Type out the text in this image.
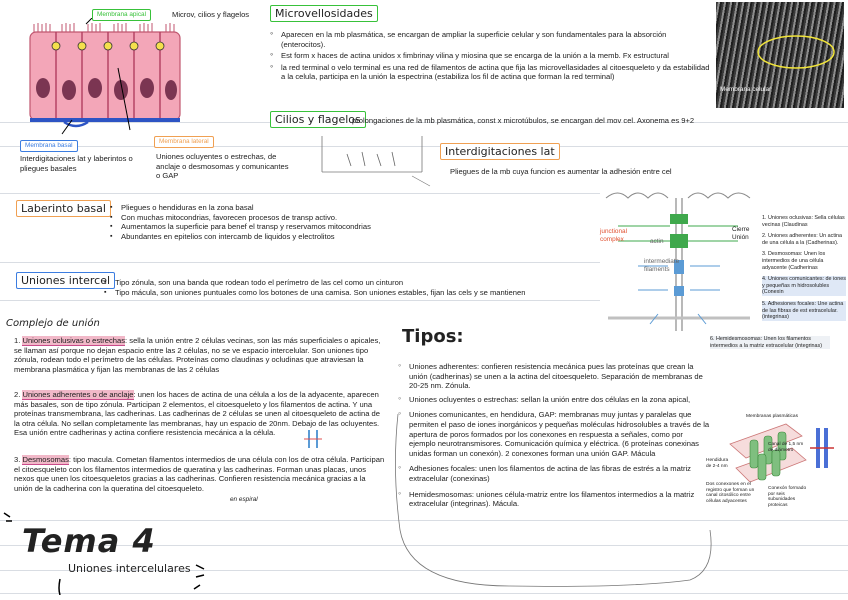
Membrana apical	Microv, cilios y flagelos
Membrana basal
Interdigitaciones lat y laberintos o pliegues basales
Membrana lateral
Uniones ocluyentes o estrechas, de anclaje o desmosomas y comunicantes o GAP
Microvellosidades
◦ Aparecen en la mb plasmática, se encargan de ampliar la superficie celular y son fundamentales para la absorción (enterocitos).
◦ Est form x haces de actina unidos x fimbrinay vilina y miosina que se encarga de la unión a la memb. Fx estructural
◦ la red terminal o velo terminal es una red de filamentos de actina que fija las microvellasidades al citoesqueleto y da estabilidad a la celula, participa en la unión la espectrina (estabiliza los fil de actina que forman la red terminal)
Membrana celular
Cilios y flagelos
prolongaciones de la mb plasmática, const x microtúbulos, se encargan del mov cel. Axonema es 9+2
Interdigitaciones lat
Pliegues de la mb cuya funcion es aumentar la adhesión entre cel
Laberinto basal	▪ Pliegues o hendiduras en la zona basal
▪ Con muchas mitocondrias, favorecen procesos de transp activo.
▪ Aumentamos la superficie para benef el transp y reservamos mitocondrias
▪ Abundantes en epitelios con intercamb de liquidos y electrolitos
Uniones intercel ▪ Tipo zónula, son una banda que rodean todo el perímetro de las cel como un cinturon
▪ Tipo mácula, son uniones puntuales como los botones de una camisa. Son uniones estables, fijan las cels y se mantienen
actin
intermediate filaments
junctional complex
Cierre Unión
1. Uniones oclusivas: Sella células vecinas (Claudinas
2. Uniones adherentes: Un actina de una célula a la (Cadherinas).
3. Desmosomas: Unen los intermedios de una célula adyacente (Cadherinas
4. Uniones comunicantes: de iones y pequeñas m hidrosolubles (Conexin
5. Adhesiones focales: Une actina de las fibras de est extracelular. (integrinas)
6. Hemidesmosomas: Unen los filamentos intermedios a la matriz extracelular (integrinas)
Complejo de unión
1. Uniones oclusivas o estrechas: sella la unión entre 2 células vecinas, son las más superficiales o apicales, se llaman así porque no dejan espacio entre las 2 células, no se ve espacio intercelular. Son uniones tipo zónula, rodean todo el perímetro de las células. Proteínas como claudinas y ocludinas que atraviesan la membrana plasmática y fijan las membranas de las 2 células
2. Uniones adherentes o de anclaje: unen los haces de actina de una célula a los de la adyacente, aparecen más basales, son de tipo zónula. Participan 2 elementos, el citoesqueleto y los filamentos de actina. Y una proteínas transmembrana, las cadherinas. Las cadherinas de 2 células se unen al citoesqueleto de actina de la otra célula. No sellan completamente las membranas, hay un espacio de 20nm. Debajo de las ocluyentes. Esa unión entre cadherinas y actina confiere resistencia mecánica a la célula.
3. Desmosomas: tipo macula. Cometan filamentos intermedios de una célula con los de otra célula. Participan el citoesqueleto con los filamentos intermedios de queratina y las cadherinas. Forman unas placas, unos nexos que unen los citoesqueletos gracias a las cadherinas. Confieren resistencia mecánica gracias a la unión de la cadherina con la queratina del citoesqueleto.
en espiral
Tipos:
◦ Uniones adherentes: confieren resistencia mecánica pues las proteínas que crean la unión (cadherinas) se unen a la actina del citoesqueleto. Separación de membranas de 20-25 nm. Zónula.
◦ Uniones ocluyentes o estrechas: sellan la unión entre dos células en la zona apical,
◦ Uniones comunicantes, en hendidura, GAP: membranas muy juntas y paralelas que permiten el paso de iones inorgánicos y pequeñas moléculas hidrosolubles a través de la apertura de poros formados por los conexones en respuesta a señales, como por ejemplo neurotransmisores. Comunicación química y eléctrica. (6 proteínas conexinas unidas forman un conexón). 2 conexones forman una unión GAP. Mácula
◦ Adhesiones focales: unen los filamentos de actina de las fibras de estrés a la matriz extracelular (conexinas)
◦ Hemidesmosomas: uniones célula-matriz entre los filamentos intermedios a la matriz extracelular (integrinas). Mácula.
Membranas plasmáticas
Canal de 1,5 nm de diámetro
Hendidura de 2-4 nm
Dos conexones en el registro que forman un canal citosólico entre células adyacentes
Conexón formado por seis subunidades proteicas
Tema 4
Uniones intercelulares
